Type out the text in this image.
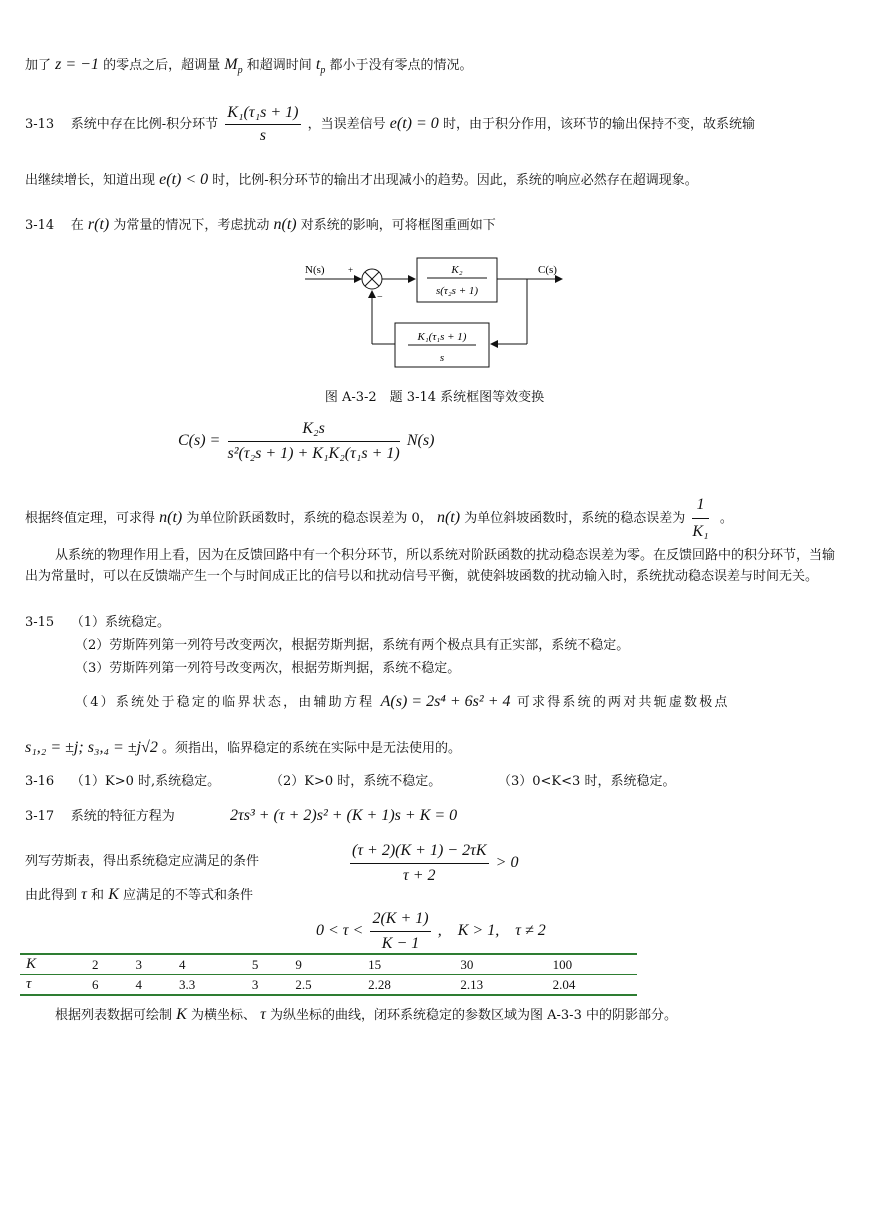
加了 z = −1 的零点之后，超调量 $M_p$ 和超调时间 $t_p$ 都小于没有零点的情况。
3-13 系统中存在比例-积分环节 $\frac{\text{K₁(τ₁s + 1)}}{s}$ ，当误差信号 e(t) = 0 时，由于积分作用，该环节的输出保持不变，故系统输
出继续增长，知道出现 e(t) < 0 时，比例-积分环节的输出才出现减小的趋势。因此，系统的响应必然存在超调现象。
3-14 在 r(t) 为常量的情况下，考虑扰动 n(t) 对系统的影响，可将框图重画如下
N(s)	+
−
K₂
s(τ₂s + 1)
C(s)
K₁(τ₁s + 1)
s
图 A-3-2　题 3-14 系统框图等效变换
$C(s) = \frac{\text{K₂s}}{\text{s²(τ₂s + 1) + K₁K₂(τ₁s + 1)}} N(s)$
根据终值定理，可求得 n(t) 为单位阶跃函数时，系统的稳态误差为 0， n(t) 为单位斜坡函数时，系统的稳态误差为 $\frac{1}{\text{K₁}}$ 。
从系统的物理作用上看，因为在反馈回路中有一个积分环节，所以系统对阶跃函数的扰动稳态误差为零。在反馈回路中的积分环节，当输出为常量时，可以在反馈端产生一个与时间成正比的信号以和扰动信号平衡，就使斜坡函数的扰动输入时，系统扰动稳态误差与时间无关。
3-15 （1）系统稳定。
（2）劳斯阵列第一列符号改变两次，根据劳斯判据，系统有两个极点具有正实部，系统不稳定。
（3）劳斯阵列第一列符号改变两次，根据劳斯判据，系统不稳定。
（4）系统处于稳定的临界状态，由辅助方程 A(s) = 2s⁴ + 6s² + 4 可求得系统的两对共轭虚数极点
s₁,₂ = ±j; s₃,₄ = ±j√2 。须指出，临界稳定的系统在实际中是无法使用的。
3-16 （1）K>0 时,系统稳定。	（2）K>0 时，系统不稳定。	（3）0<K<3 时，系统稳定。
3-17 系统的特征方程为	2τs³ + (τ + 2)s² + (K + 1)s + K = 0
列写劳斯表，得出系统稳定应满足的条件	$\frac{(\tau + 2)(K + 1) - 2\tau K}{\tau + 2} > 0$
由此得到 τ 和 K 应满足的不等式和条件
$0 < \tau < \frac{2(K + 1)}{K - 1}$ ,　K > 1,　τ ≠ 2
K	2	3	4	5	9	15	30	100
τ	6	4	3.3	3	2.5	2.28	2.13	2.04
根据列表数据可绘制 K 为横坐标、 τ 为纵坐标的曲线，闭环系统稳定的参数区域为图 A-3-3 中的阴影部分。
